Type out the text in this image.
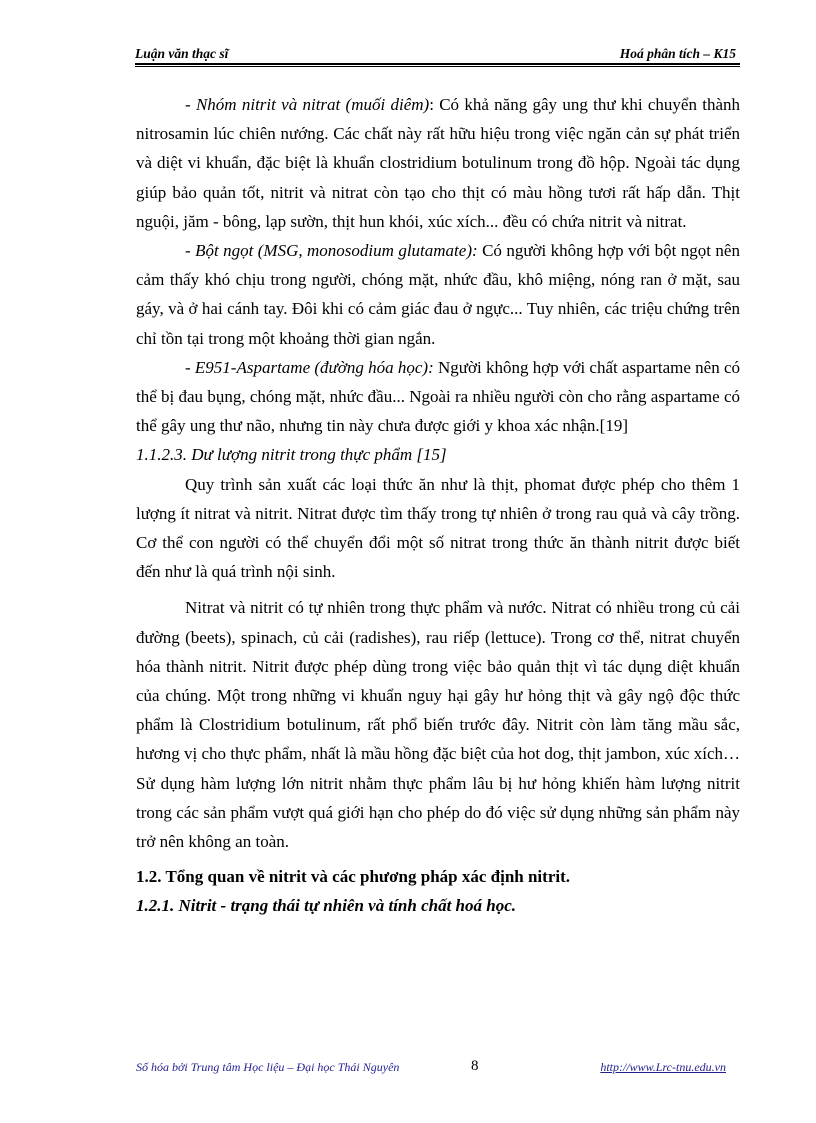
Luận văn thạc sĩ	Hoá phân tích – K15

- Nhóm nitrit và nitrat (muối diêm): Có khả năng gây ung thư khi chuyển thành nitrosamin lúc chiên nướng. Các chất này rất hữu hiệu trong việc ngăn cản sự phát triển và diệt vi khuẩn, đặc biệt là khuẩn clostridium botulinum trong đồ hộp. Ngoài tác dụng giúp bảo quản tốt, nitrit và nitrat còn tạo cho thịt có màu hồng tươi rất hấp dẫn. Thịt nguội, jăm - bông, lạp sườn, thịt hun khói, xúc xích... đều có chứa nitrit và nitrat.

- Bột ngọt (MSG, monosodium glutamate): Có người không hợp với bột ngọt nên cảm thấy khó chịu trong người, chóng mặt, nhức đầu, khô miệng, nóng ran ở mặt, sau gáy, và ở hai cánh tay. Đôi khi có cảm giác đau ở ngực... Tuy nhiên, các triệu chứng trên chỉ tồn tại trong một khoảng thời gian ngắn.

- E951-Aspartame (đường hóa học): Người không hợp với chất aspartame nên có thể bị đau bụng, chóng mặt, nhức đầu... Ngoài ra nhiều người còn cho rằng aspartame có thể gây ung thư não, nhưng tin này chưa được giới y khoa xác nhận.[19]

1.1.2.3. Dư lượng nitrit trong thực phẩm [15]

Quy trình sản xuất các loại thức ăn như là thịt, phomat được phép cho thêm 1 lượng ít nitrat và nitrit. Nitrat được tìm thấy trong tự nhiên ở trong rau quả và cây trồng. Cơ thể con người có thể chuyển đổi một số nitrat trong thức ăn thành nitrit được biết đến như là quá trình nội sinh.

Nitrat và nitrit có tự nhiên trong thực phẩm và nước. Nitrat có nhiều trong củ cải đường (beets), spinach, củ cải (radishes), rau riếp (lettuce). Trong cơ thể, nitrat chuyển hóa thành nitrit. Nitrit được phép dùng trong việc bảo quản thịt vì tác dụng diệt khuẩn của chúng. Một trong những vi khuẩn nguy hại gây hư hỏng thịt và gây ngộ độc thức phẩm là Clostridium botulinum, rất phổ biến trước đây. Nitrit còn làm tăng mầu sắc, hương vị cho thực phẩm, nhất là mầu hồng đặc biệt của hot dog, thịt jambon, xúc xích… Sử dụng hàm lượng lớn nitrit nhằm thực phẩm lâu bị hư hỏng khiến hàm lượng nitrit trong các sản phẩm vượt quá giới hạn cho phép do đó việc sử dụng những sản phẩm này trở nên không an toàn.

1.2. Tổng quan về nitrit và các phương pháp xác định nitrit.

1.2.1. Nitrit - trạng thái tự nhiên và tính chất hoá học.

Số hóa bởi Trung tâm Học liệu – Đại học Thái Nguyên	8	http://www.Lrc-tnu.edu.vn
